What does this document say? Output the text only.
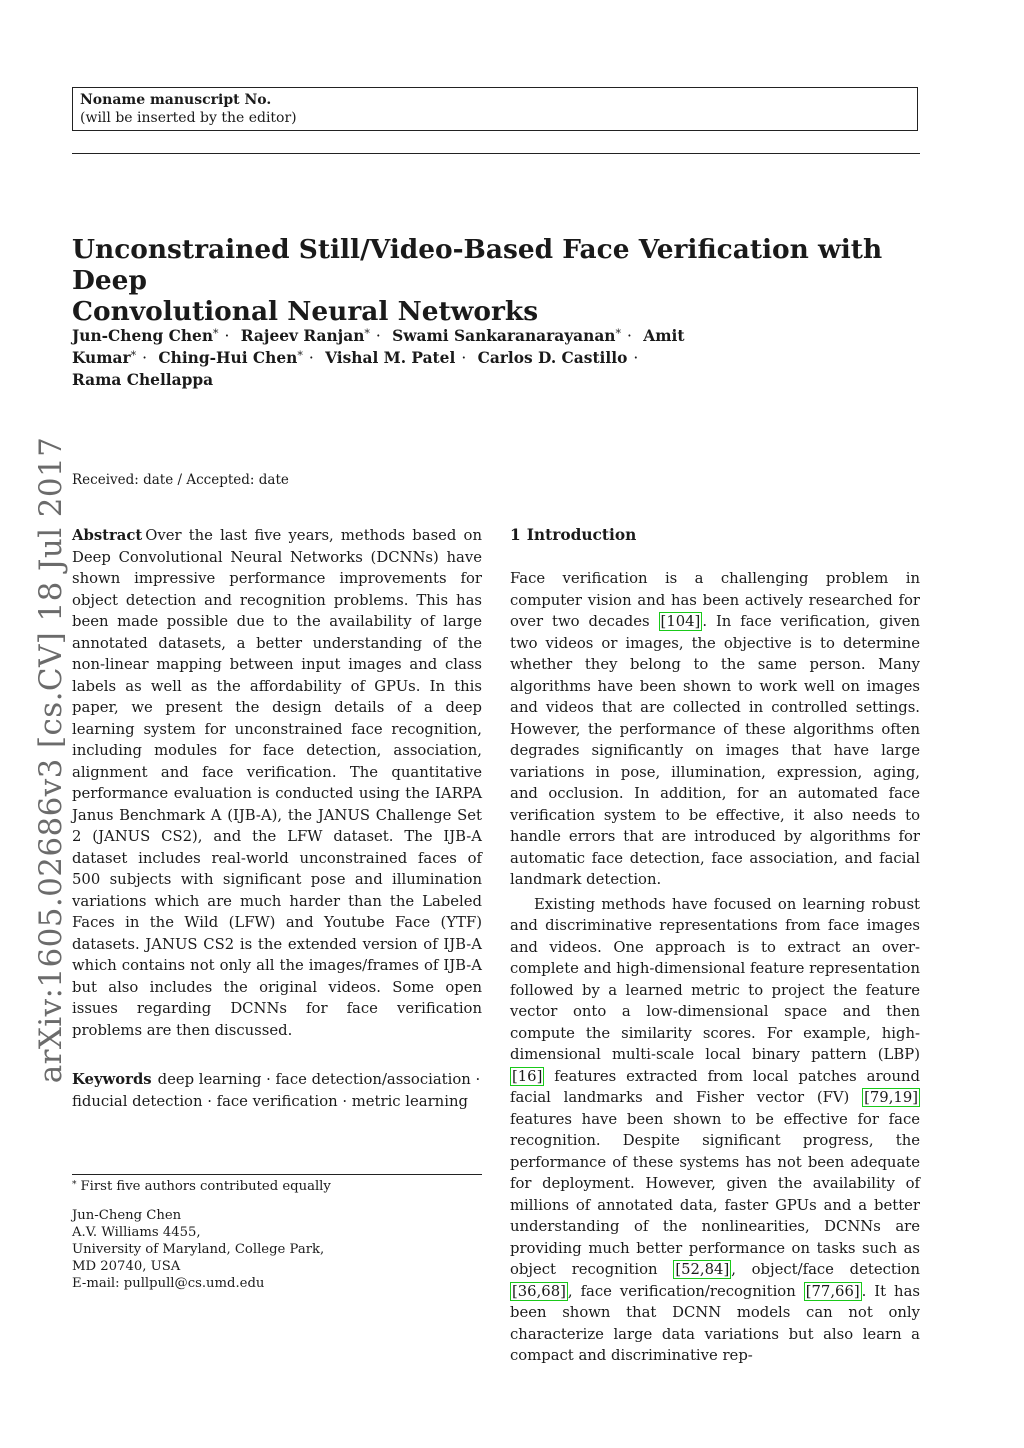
Noname manuscript No.
(will be inserted by the editor)
Unconstrained Still/Video-Based Face Verification with Deep
Convolutional Neural Networks
Jun-Cheng Chen* · Rajeev Ranjan* · Swami Sankaranarayanan* · Amit Kumar* · Ching-Hui Chen* · Vishal M. Patel · Carlos D. Castillo ·
Rama Chellappa
arXiv:1605.02686v3 [cs.CV] 18 Jul 2017 Received: date / Accepted: date

Abstract Over the last five years, methods based on Deep Convolutional Neural Networks (DCNNs) have shown impressive performance improvements for object detection and recognition problems. This has been made possible due to the availability of large annotated datasets, a better understanding of the non-linear mapping between input images and class labels as well as the affordability of GPUs. In this paper, we present the design details of a deep learning system for unconstrained face recognition, including modules for face detection, association, alignment and face verification. The quantitative performance evaluation is conducted using the IARPA Janus Benchmark A (IJB-A), the JANUS Challenge Set 2 (JANUS CS2), and the LFW dataset. The IJB-A dataset includes real-world unconstrained faces of 500 subjects with significant pose and illumination variations which are much harder than the Labeled Faces in the Wild (LFW) and Youtube Face (YTF) datasets. JANUS CS2 is the extended version of IJB-A which contains not only all the images/frames of IJB-A but also includes the original videos. Some open issues regarding DCNNs for face verification problems are then discussed.

Keywords deep learning · face detection/association · fiducial detection · face verification · metric learning

* First five authors contributed equally
Jun-Cheng Chen
A.V. Williams 4455,
University of Maryland, College Park,
MD 20740, USA
E-mail: pullpull@cs.umd.edu
1 Introduction

Face verification is a challenging problem in computer vision and has been actively researched for over two decades [104] . In face verification, given two videos or images, the objective is to determine whether they belong to the same person. Many algorithms have been shown to work well on images and videos that are collected in controlled settings. However, the performance of these algorithms often degrades significantly on images that have large variations in pose, illumination, expression, aging, and occlusion. In addition, for an automated face verification system to be effective, it also needs to handle errors that are introduced by algorithms for automatic face detection, face association, and facial landmark detection.

Existing methods have focused on learning robust and discriminative representations from face images and videos. One approach is to extract an over-complete and high-dimensional feature representation followed by a learned metric to project the feature vector onto a low-dimensional space and then compute the similarity scores. For example, high-dimensional multi-scale local binary pattern (LBP) [16] features extracted from local patches around facial landmarks and Fisher vector (FV) [79,19] features have been shown to be effective for face recognition. Despite significant progress, the performance of these systems has not been adequate for deployment. However, given the availability of millions of annotated data, faster GPUs and a better understanding of the nonlinearities, DCNNs are providing much better performance on tasks such as object recognition [52,84] , object/face detection [36,68] , face verification/recognition [77,66] . It has been shown that DCNN models can not only characterize large data variations but also learn a compact and discriminative rep-
